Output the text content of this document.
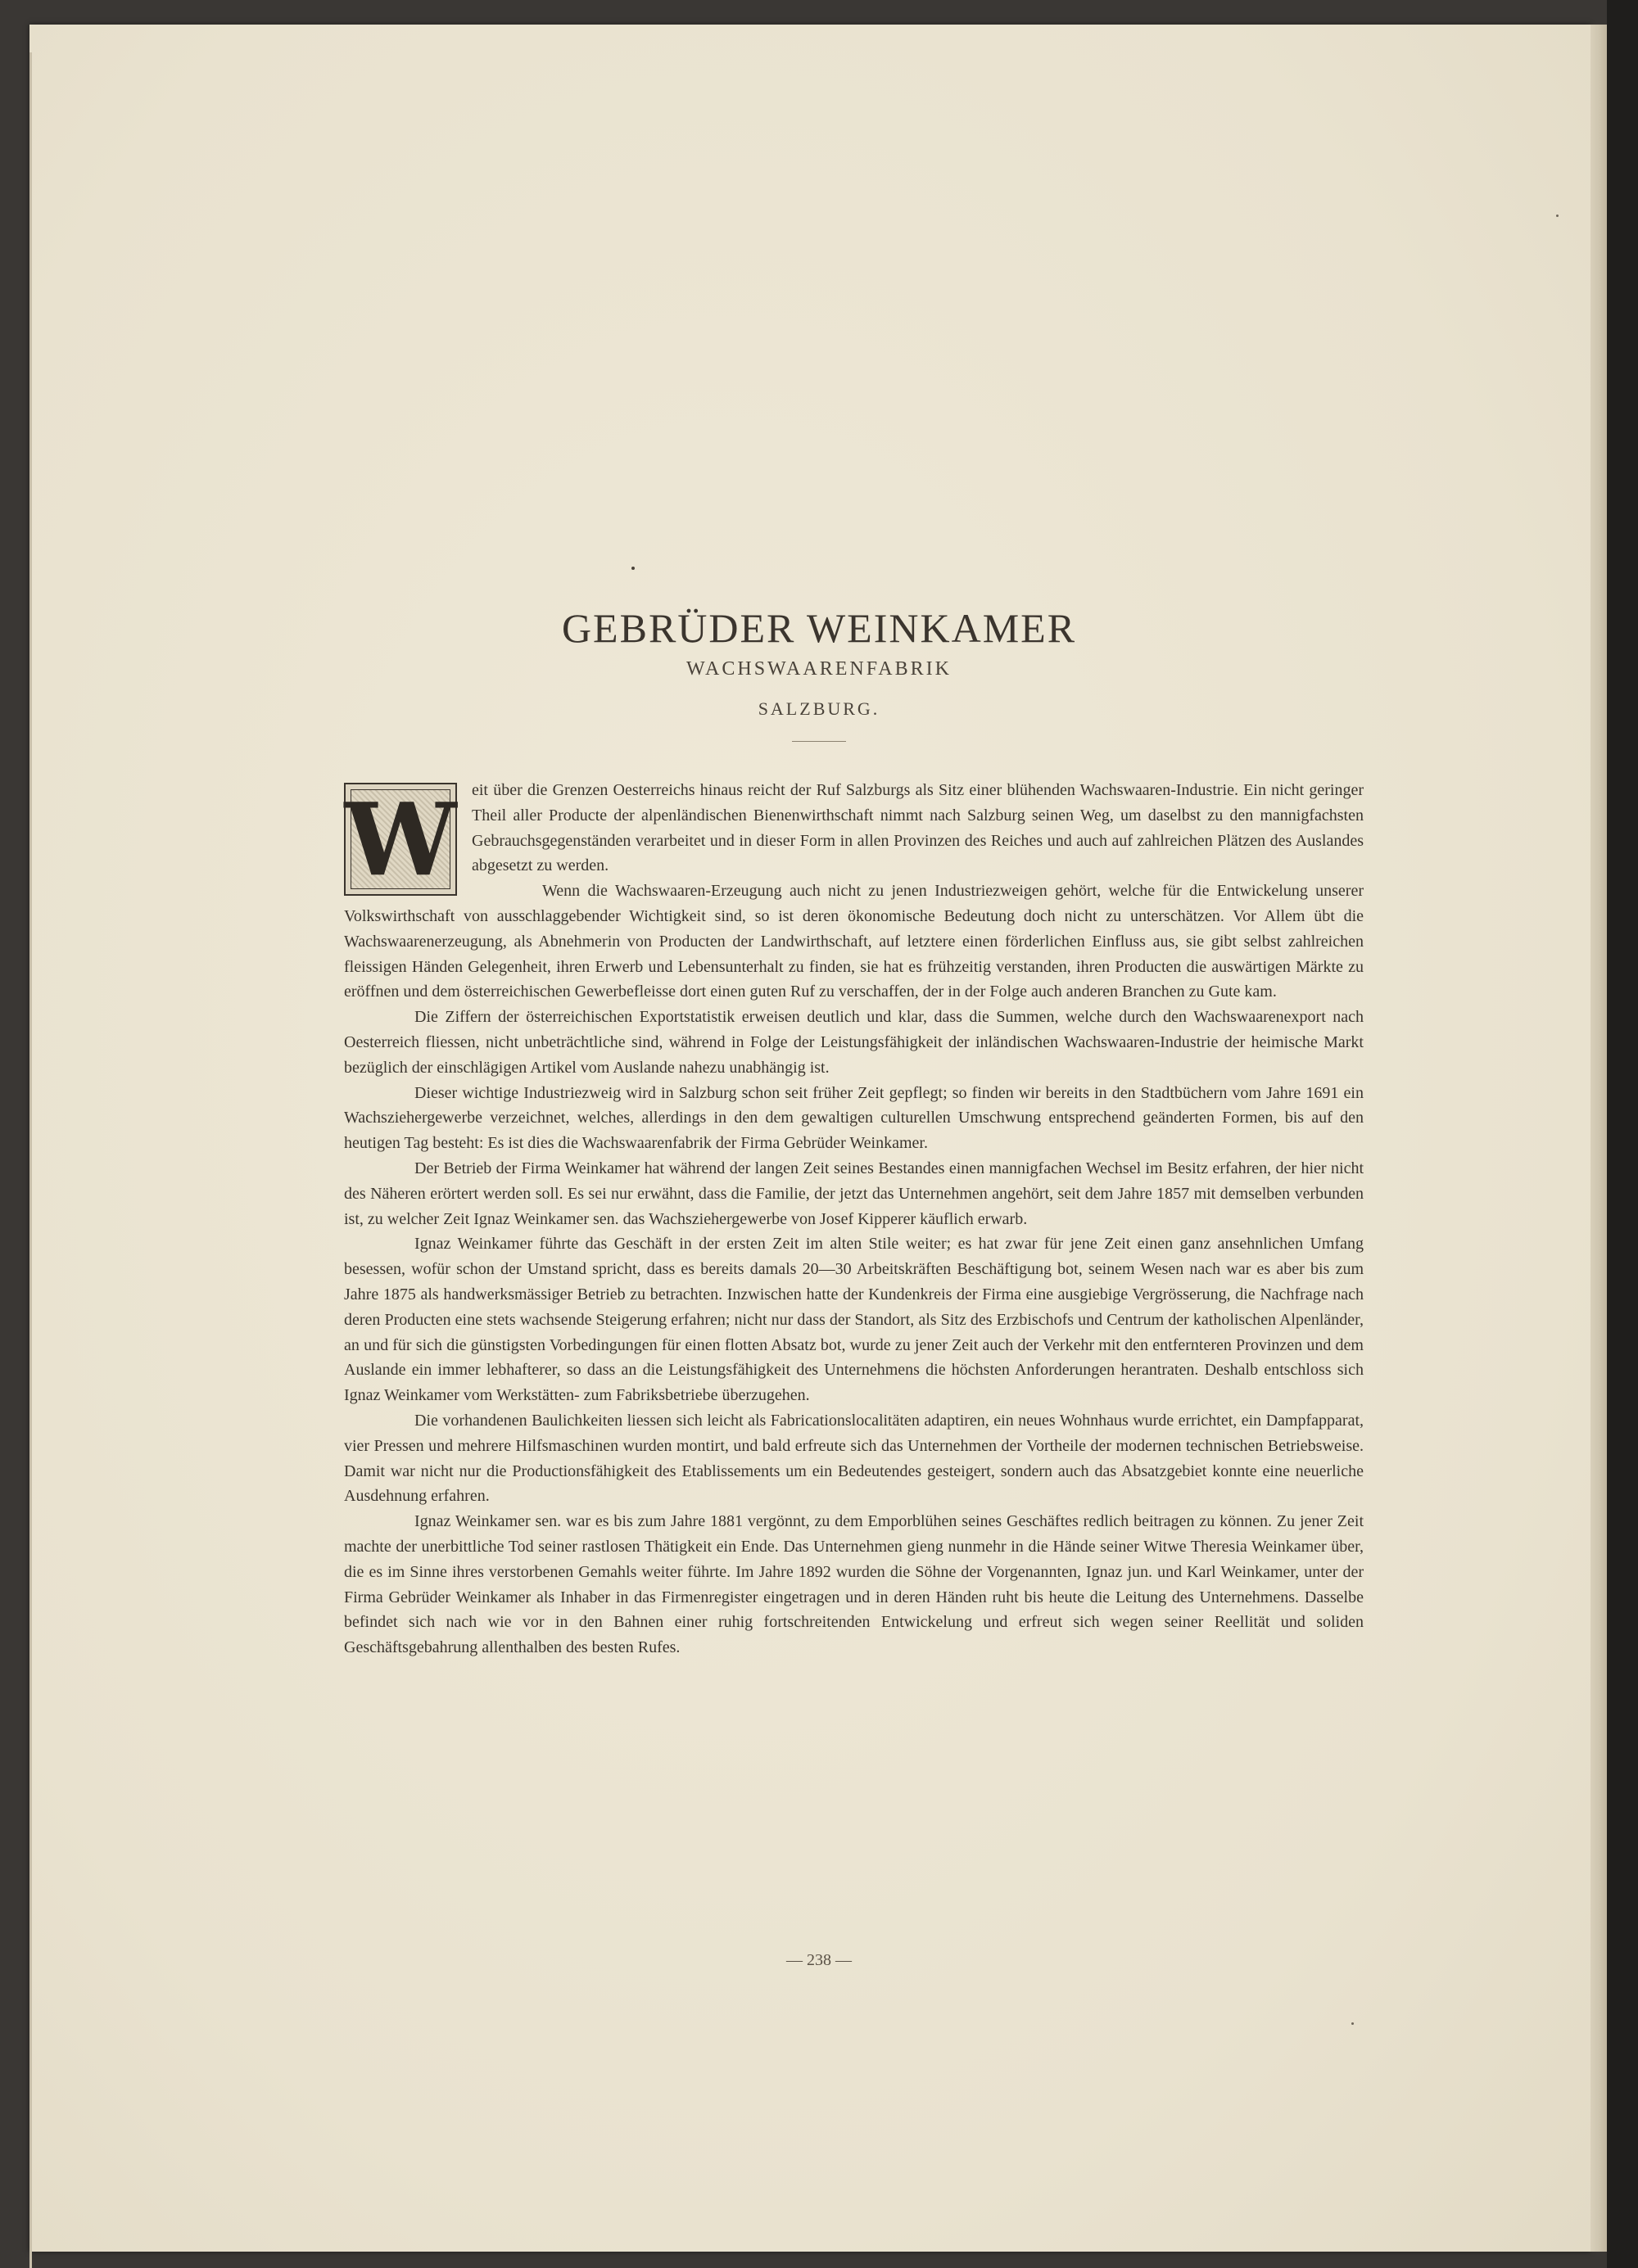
GEBRÜDER WEINKAMER
WACHSWAARENFABRIK
SALZBURG.

W eit über die Grenzen Oesterreichs hinaus reicht der Ruf Salzburgs als Sitz einer blühenden Wachswaaren-Industrie. Ein nicht geringer Theil aller Producte der alpenländischen Bienenwirthschaft nimmt nach Salzburg seinen Weg, um daselbst zu den mannigfachsten Gebrauchsgegenständen verarbeitet und in dieser Form in allen Provinzen des Reiches und auch auf zahlreichen Plätzen des Auslandes abgesetzt zu werden.

Wenn die Wachswaaren-Erzeugung auch nicht zu jenen Industriezweigen gehört, welche für die Entwickelung unserer Volkswirthschaft von ausschlaggebender Wichtigkeit sind, so ist deren ökonomische Bedeutung doch nicht zu unterschätzen. Vor Allem übt die Wachswaarenerzeugung, als Abnehmerin von Producten der Landwirthschaft, auf letztere einen förderlichen Einfluss aus, sie gibt selbst zahlreichen fleissigen Händen Gelegenheit, ihren Erwerb und Lebensunterhalt zu finden, sie hat es frühzeitig verstanden, ihren Producten die auswärtigen Märkte zu eröffnen und dem österreichischen Gewerbefleisse dort einen guten Ruf zu verschaffen, der in der Folge auch anderen Branchen zu Gute kam.

Die Ziffern der österreichischen Exportstatistik erweisen deutlich und klar, dass die Summen, welche durch den Wachswaarenexport nach Oesterreich fliessen, nicht unbeträchtliche sind, während in Folge der Leistungsfähigkeit der inländischen Wachswaaren-Industrie der heimische Markt bezüglich der einschlägigen Artikel vom Auslande nahezu unabhängig ist.

Dieser wichtige Industriezweig wird in Salzburg schon seit früher Zeit gepflegt; so finden wir bereits in den Stadtbüchern vom Jahre 1691 ein Wachsziehergewerbe verzeichnet, welches, allerdings in den dem gewaltigen culturellen Umschwung entsprechend geänderten Formen, bis auf den heutigen Tag besteht: Es ist dies die Wachswaarenfabrik der Firma Gebrüder Weinkamer.

Der Betrieb der Firma Weinkamer hat während der langen Zeit seines Bestandes einen mannigfachen Wechsel im Besitz erfahren, der hier nicht des Näheren erörtert werden soll. Es sei nur erwähnt, dass die Familie, der jetzt das Unternehmen angehört, seit dem Jahre 1857 mit demselben verbunden ist, zu welcher Zeit Ignaz Weinkamer sen. das Wachsziehergewerbe von Josef Kipperer käuflich erwarb.

Ignaz Weinkamer führte das Geschäft in der ersten Zeit im alten Stile weiter; es hat zwar für jene Zeit einen ganz ansehnlichen Umfang besessen, wofür schon der Umstand spricht, dass es bereits damals 20—30 Arbeitskräften Beschäftigung bot, seinem Wesen nach war es aber bis zum Jahre 1875 als handwerksmässiger Betrieb zu betrachten. Inzwischen hatte der Kundenkreis der Firma eine ausgiebige Vergrösserung, die Nachfrage nach deren Producten eine stets wachsende Steigerung erfahren; nicht nur dass der Standort, als Sitz des Erzbischofs und Centrum der katholischen Alpenländer, an und für sich die günstigsten Vorbedingungen für einen flotten Absatz bot, wurde zu jener Zeit auch der Verkehr mit den entfernteren Provinzen und dem Auslande ein immer lebhafterer, so dass an die Leistungsfähigkeit des Unternehmens die höchsten Anforderungen herantraten. Deshalb entschloss sich Ignaz Weinkamer vom Werkstätten- zum Fabriksbetriebe überzugehen.

Die vorhandenen Baulichkeiten liessen sich leicht als Fabricationslocalitäten adaptiren, ein neues Wohnhaus wurde errichtet, ein Dampfapparat, vier Pressen und mehrere Hilfsmaschinen wurden montirt, und bald erfreute sich das Unternehmen der Vortheile der modernen technischen Betriebsweise. Damit war nicht nur die Productionsfähigkeit des Etablissements um ein Bedeutendes gesteigert, sondern auch das Absatzgebiet konnte eine neuerliche Ausdehnung erfahren.

Ignaz Weinkamer sen. war es bis zum Jahre 1881 vergönnt, zu dem Emporblühen seines Geschäftes redlich beitragen zu können. Zu jener Zeit machte der unerbittliche Tod seiner rastlosen Thätigkeit ein Ende. Das Unternehmen gieng nunmehr in die Hände seiner Witwe Theresia Weinkamer über, die es im Sinne ihres verstorbenen Gemahls weiter führte. Im Jahre 1892 wurden die Söhne der Vorgenannten, Ignaz jun. und Karl Weinkamer, unter der Firma Gebrüder Weinkamer als Inhaber in das Firmenregister eingetragen und in deren Händen ruht bis heute die Leitung des Unternehmens. Dasselbe befindet sich nach wie vor in den Bahnen einer ruhig fortschreitenden Entwickelung und erfreut sich wegen seiner Reellität und soliden Geschäftsgebahrung allenthalben des besten Rufes.

— 238 —
